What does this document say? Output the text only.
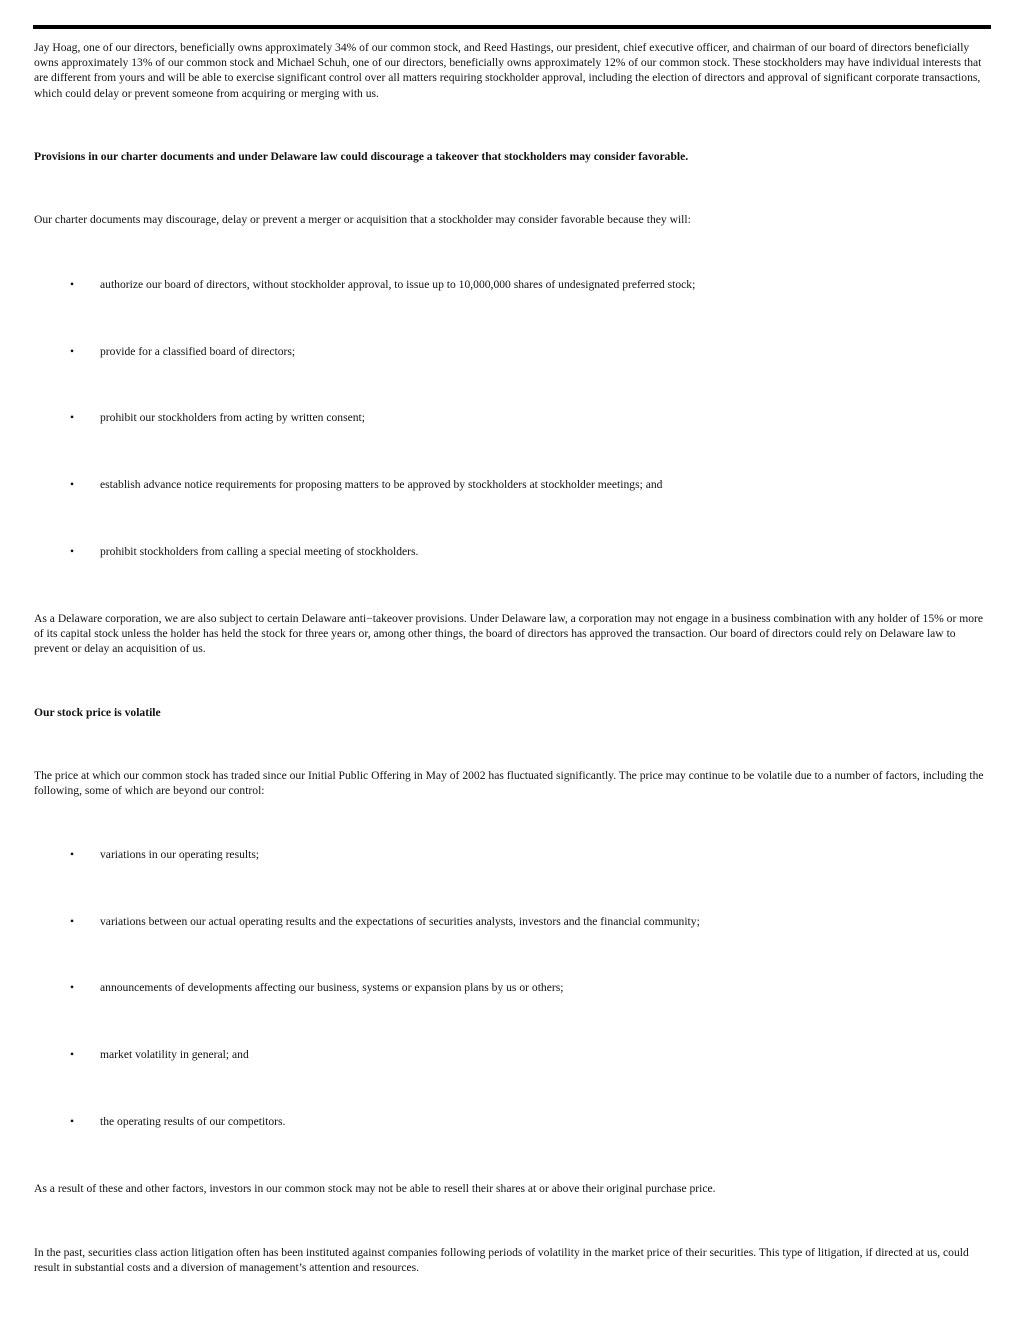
Jay Hoag, one of our directors, beneficially owns approximately 34% of our common stock, and Reed Hastings, our president, chief executive officer, and chairman of our board of directors beneficially owns approximately 13% of our common stock and Michael Schuh, one of our directors, beneficially owns approximately 12% of our common stock. These stockholders may have individual interests that are different from yours and will be able to exercise significant control over all matters requiring stockholder approval, including the election of directors and approval of significant corporate transactions, which could delay or prevent someone from acquiring or merging with us.

Provisions in our charter documents and under Delaware law could discourage a takeover that stockholders may consider favorable.

Our charter documents may discourage, delay or prevent a merger or acquisition that a stockholder may consider favorable because they will:

• authorize our board of directors, without stockholder approval, to issue up to 10,000,000 shares of undesignated preferred stock;
• provide for a classified board of directors;
• prohibit our stockholders from acting by written consent;
• establish advance notice requirements for proposing matters to be approved by stockholders at stockholder meetings; and
• prohibit stockholders from calling a special meeting of stockholders.

As a Delaware corporation, we are also subject to certain Delaware anti−takeover provisions. Under Delaware law, a corporation may not engage in a business combination with any holder of 15% or more of its capital stock unless the holder has held the stock for three years or, among other things, the board of directors has approved the transaction. Our board of directors could rely on Delaware law to prevent or delay an acquisition of us.

Our stock price is volatile

The price at which our common stock has traded since our Initial Public Offering in May of 2002 has fluctuated significantly. The price may continue to be volatile due to a number of factors, including the following, some of which are beyond our control:

• variations in our operating results;
• variations between our actual operating results and the expectations of securities analysts, investors and the financial community;
• announcements of developments affecting our business, systems or expansion plans by us or others;
• market volatility in general; and
• the operating results of our competitors.

As a result of these and other factors, investors in our common stock may not be able to resell their shares at or above their original purchase price.

In the past, securities class action litigation often has been instituted against companies following periods of volatility in the market price of their securities. This type of litigation, if directed at us, could result in substantial costs and a diversion of management’s attention and resources.
